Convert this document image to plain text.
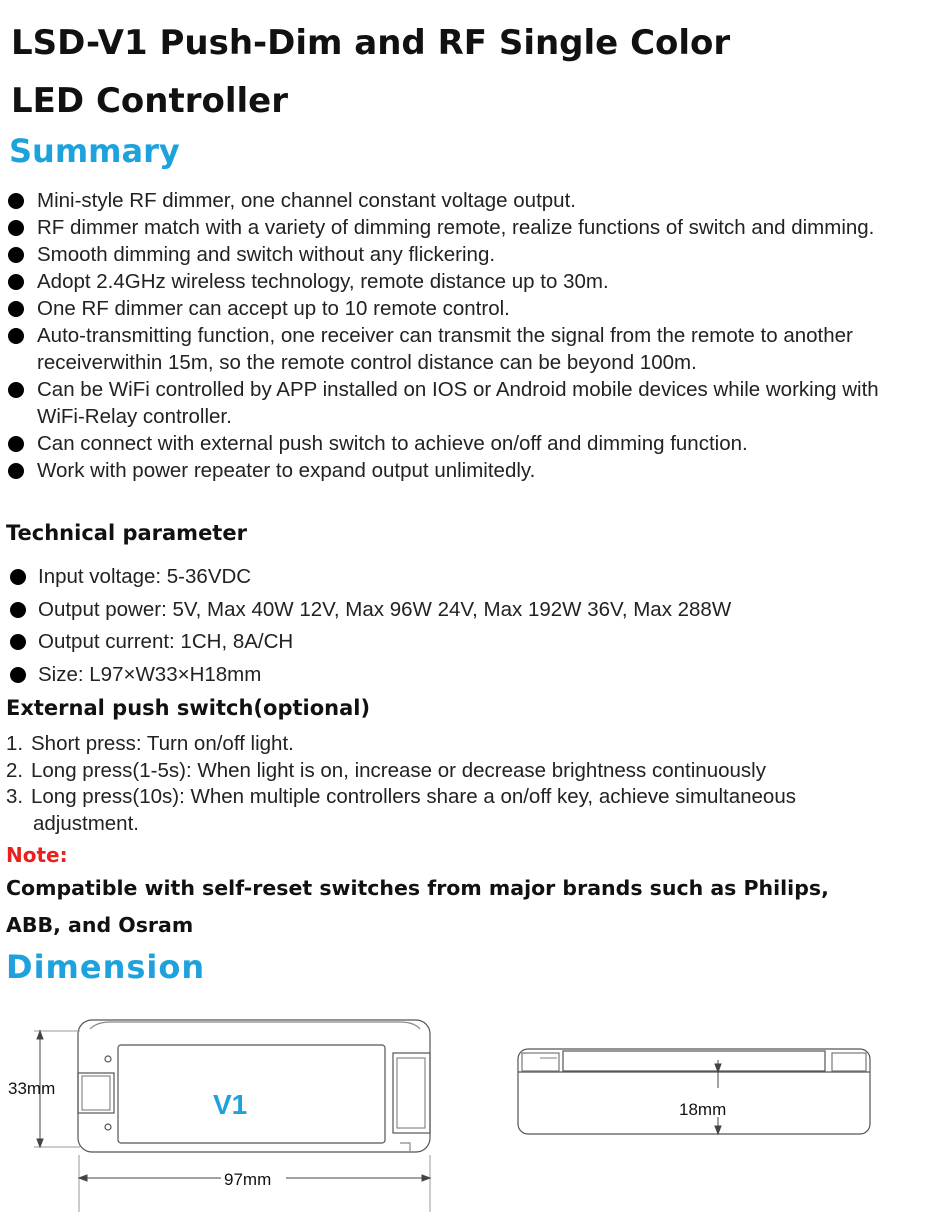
LSD-V1 Push-Dim and RF Single Color
LED Controller
Summary
Mini-style RF dimmer, one channel constant voltage output.
RF dimmer match with a variety of dimming remote, realize functions of switch and dimming.
Smooth dimming and switch without any flickering.
Adopt 2.4GHz wireless technology, remote distance up to 30m.
One RF dimmer can accept up to 10 remote control.
Auto-transmitting function, one receiver can transmit the signal from the remote to another receiverwithin 15m, so the remote control distance can be beyond 100m.
Can be WiFi controlled by APP installed on IOS or Android mobile devices while working with WiFi-Relay controller.
Can connect with external push switch to achieve on/off and dimming function.
Work with power repeater to expand output unlimitedly.
Technical parameter
Input voltage: 5-36VDC
Output power: 5V, Max 40W 12V, Max 96W 24V, Max 192W 36V, Max 288W
Output current: 1CH, 8A/CH
Size: L97×W33×H18mm
External push switch(optional)
1. Short press: Turn on/off light.
2. Long press(1-5s): When light is on, increase or decrease brightness continuously
3. Long press(10s): When multiple controllers share a on/off key, achieve simultaneous
adjustment.
Note:
Compatible with self-reset switches from major brands such as Philips,
ABB, and Osram
Dimension
33mm
97mm
V1	18mm
